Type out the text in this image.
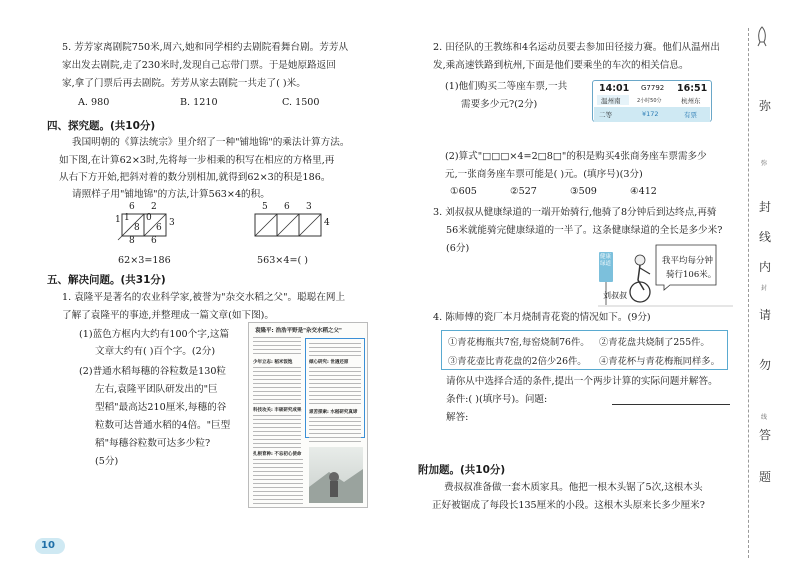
5. 芳芳家离剧院750米,周六,她和同学相约去剧院看舞台剧。芳芳从
家出发去剧院,走了230米时,发现自己忘带门票。于是她原路返回
家,拿了门票后再去剧院。芳芳从家去剧院一共走了( )米。
A. 980	B. 1210	C. 1500
四、探究题。(共10分)
我国明朝的《算法统宗》里介绍了一种"铺地锦"的乘法计算方法。
如下图,在计算62×3时,先将每一步相乘的积写在相应的方格里,再
从右下方开始,把斜对着的数分别相加,就得到62×3的积是186。
请照样子用"铺地锦"的方法,计算563×4的积。
6 2
3
1 1
8
0
6
8 6
5 6 3
4
62×3=186	563×4=( )
五、解决问题。(共31分)
1. 袁隆平是著名的农业科学家,被誉为"杂交水稻之父"。聪聪在网上
了解了袁隆平的事迹,并整理成一篇文章(如下图)。
(1)蓝色方框内大约有100个字,这篇
文章大约有( )百个字。(2分)
(2)普通水稻每穗的谷粒数是130粒
左右,袁隆平团队研发出的"巨
型稻"最高达210厘米,每穗的谷
粒数可达普通水稻的4倍。"巨型
稻"每穗谷粒数可达多少粒?
(5分)
袁隆平: 浩浩平野是"杂交水稻之父"
少年立志: 稻米饭饱	倾心研究: 世遇还原
科技攻关: 丰硕研究成果 艰苦探索: 水稻研究真谛
扎根育种: 不忘初心使命
10
2. 田径队的王教练和4名运动员要去参加田径接力赛。他们从温州出
发,乘高速铁路到杭州,下面是他们要乘坐的车次的相关信息。
(1)他们购买二等座车票,一共
需要多少元?(2分)
14:01 G7792 16:51
2小时50分
温州南	杭州东
二等	¥172	有票
(2)算式"□□□×4=2□8□"的积是购买4张商务座车票需多少
元,一张商务座车票可能是( )元。(填序号)(3分)
①605	②527	③509	④412
3. 刘叔叔从健康绿道的一端开始骑行,他骑了8分钟后到达终点,再骑
56米就能骑完健康绿道的一半了。这条健康绿道的全长是多少米?
(6分)
健康绿道	我平均每分钟
骑行106米。
刘叔叔
4. 陈师傅的瓷厂本月烧制青花瓷的情况如下。(9分)
①青花梅瓶共7窑,每窑烧制76件。 ②青花盘共烧制了255件。
③青花壶比青花盘的2倍少26件。 ④青花杯与青花梅瓶同样多。
请你从中选择合适的条件,提出一个两步计算的实际问题并解答。
条件:( )(填序号)。问题:
解答:
附加题。(共10分)
费叔叔准备做一套木质家具。他把一根木头锯了5次,这根木头
正好被锯成了每段长135厘米的小段。这根木头原来长多少厘米?
弥
封
线
内
请
勿
答
题
弥
封
线
